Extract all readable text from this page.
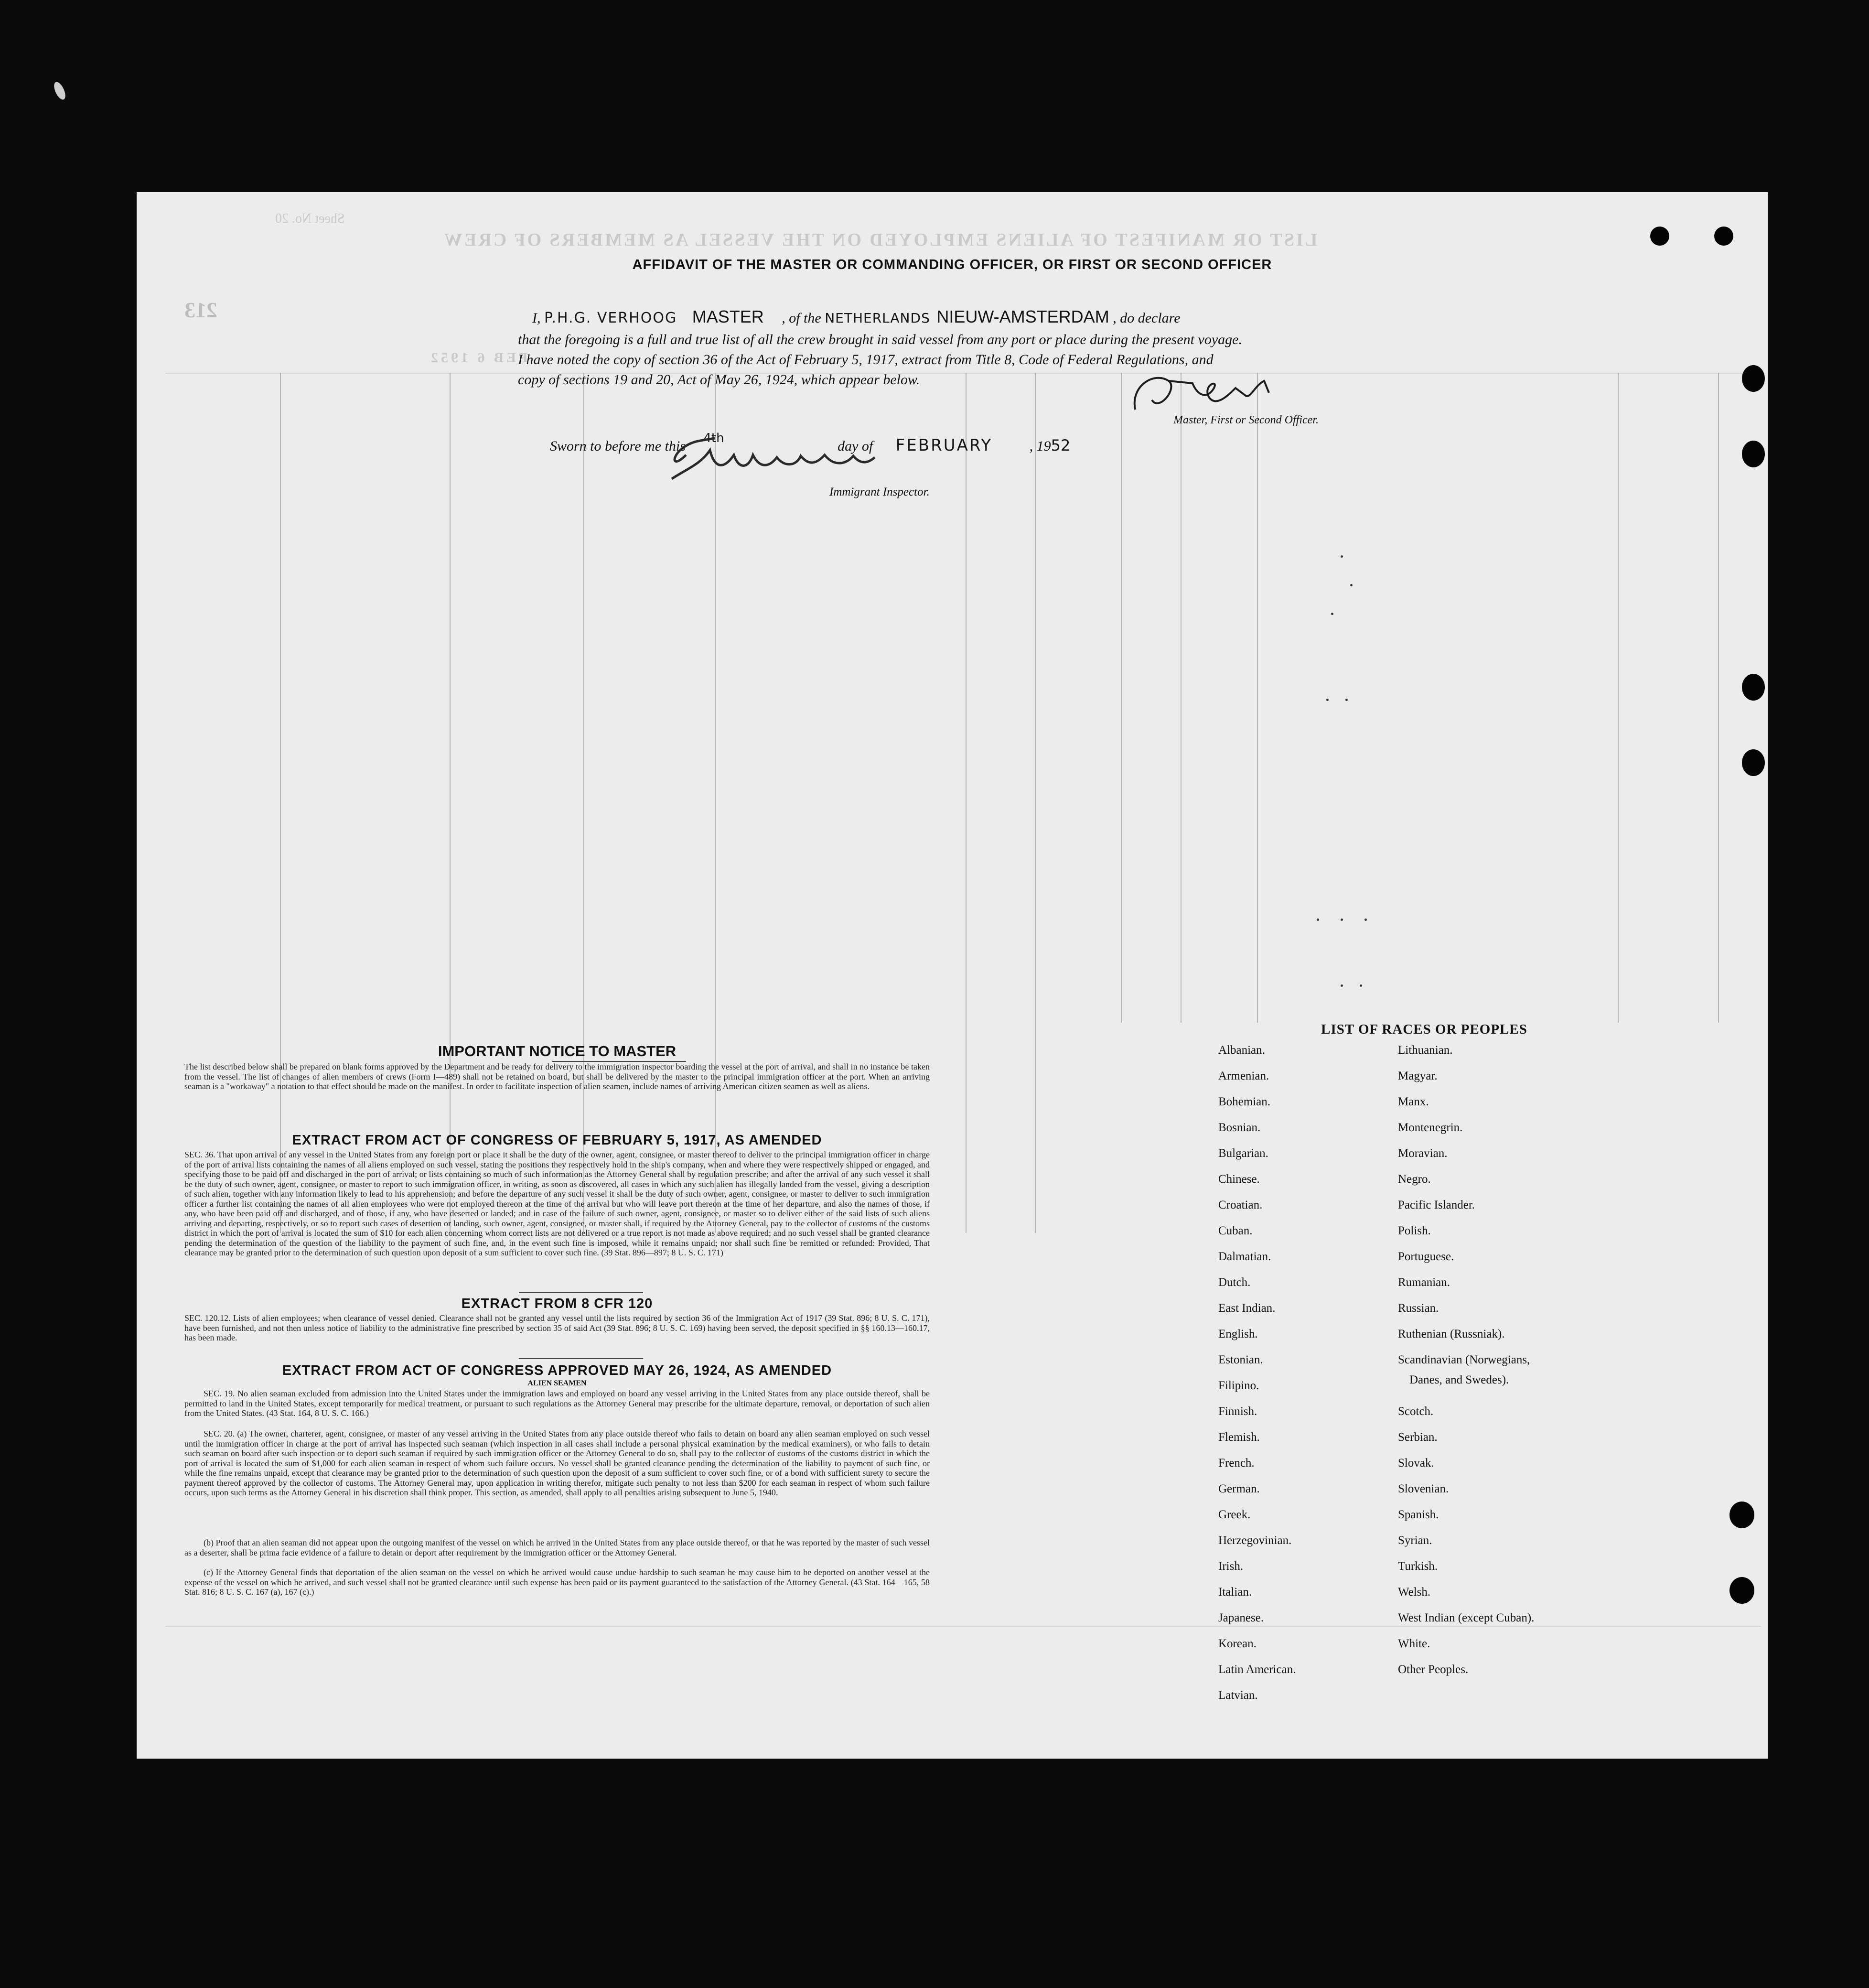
LIST OR MANIFEST OF ALIENS EMPLOYED ON THE VESSEL AS MEMBERS OF CREW
Sheet No. 20
213
FEB 6 1952
AFFIDAVIT OF THE MASTER OR COMMANDING OFFICER, OR FIRST OR SECOND OFFICER
I, P.H.G. VERHOOG MASTER , of the NETHERLANDS NIEUW-AMSTERDAM , do declare
that the foregoing is a full and true list of all the crew brought in said vessel from any port or place during the present voyage.
I have noted the copy of section 36 of the Act of February 5, 1917, extract from Title 8, Code of Federal Regulations, and
copy of sections 19 and 20, Act of May 26, 1924, which appear below.
Master, First or Second Officer.
Sworn to before me this 4th	day of FEBRUARY	, 1952
Immigrant Inspector.
IMPORTANT NOTICE TO MASTER
The list described below shall be prepared on blank forms approved by the Department and be ready for delivery to the immigration inspector boarding the vessel at the port of arrival, and shall in no instance be taken from the vessel. The list of changes of alien members of crews (Form I—489) shall not be retained on board, but shall be delivered by the master to the principal immigration officer at the port. When an arriving seaman is a "workaway" a notation to that effect should be made on the manifest. In order to facilitate inspection of alien seamen, include names of arriving American citizen seamen as well as aliens.
EXTRACT FROM ACT OF CONGRESS OF FEBRUARY 5, 1917, AS AMENDED
SEC. 36. That upon arrival of any vessel in the United States from any foreign port or place it shall be the duty of the owner, agent, consignee, or master thereof to deliver to the principal immigration officer in charge of the port of arrival lists containing the names of all aliens employed on such vessel, stating the positions they respectively hold in the ship's company, when and where they were respectively shipped or engaged, and specifying those to be paid off and discharged in the port of arrival; or lists containing so much of such information as the Attorney General shall by regulation prescribe; and after the arrival of any such vessel it shall be the duty of such owner, agent, consignee, or master to report to such immigration officer, in writing, as soon as discovered, all cases in which any such alien has illegally landed from the vessel, giving a description of such alien, together with any information likely to lead to his apprehension; and before the departure of any such vessel it shall be the duty of such owner, agent, consignee, or master to deliver to such immigration officer a further list containing the names of all alien employees who were not employed thereon at the time of the arrival but who will leave port thereon at the time of her departure, and also the names of those, if any, who have been paid off and discharged, and of those, if any, who have deserted or landed; and in case of the failure of such owner, agent, consignee, or master so to deliver either of the said lists of such aliens arriving and departing, respectively, or so to report such cases of desertion or landing, such owner, agent, consignee, or master shall, if required by the Attorney General, pay to the collector of customs of the customs district in which the port of arrival is located the sum of $10 for each alien concerning whom correct lists are not delivered or a true report is not made as above required; and no such vessel shall be granted clearance pending the determination of the question of the liability to the payment of such fine, and, in the event such fine is imposed, while it remains unpaid; nor shall such fine be remitted or refunded: Provided, That clearance may be granted prior to the determination of such question upon deposit of a sum sufficient to cover such fine. (39 Stat. 896—897; 8 U. S. C. 171)
EXTRACT FROM 8 CFR 120
SEC. 120.12. Lists of alien employees; when clearance of vessel denied. Clearance shall not be granted any vessel until the lists required by section 36 of the Immigration Act of 1917 (39 Stat. 896; 8 U. S. C. 171), have been furnished, and not then unless notice of liability to the administrative fine prescribed by section 35 of said Act (39 Stat. 896; 8 U. S. C. 169) having been served, the deposit specified in §§ 160.13—160.17, has been made.
EXTRACT FROM ACT OF CONGRESS APPROVED MAY 26, 1924, AS AMENDED
ALIEN SEAMEN
SEC. 19. No alien seaman excluded from admission into the United States under the immigration laws and employed on board any vessel arriving in the United States from any place outside thereof, shall be permitted to land in the United States, except temporarily for medical treatment, or pursuant to such regulations as the Attorney General may prescribe for the ultimate departure, removal, or deportation of such alien from the United States. (43 Stat. 164, 8 U. S. C. 166.)
SEC. 20. (a) The owner, charterer, agent, consignee, or master of any vessel arriving in the United States from any place outside thereof who fails to detain on board any alien seaman employed on such vessel until the immigration officer in charge at the port of arrival has inspected such seaman (which inspection in all cases shall include a personal physical examination by the medical examiners), or who fails to detain such seaman on board after such inspection or to deport such seaman if required by such immigration officer or the Attorney General to do so, shall pay to the collector of customs of the customs district in which the port of arrival is located the sum of $1,000 for each alien seaman in respect of whom such failure occurs. No vessel shall be granted clearance pending the determination of the liability to payment of such fine, or while the fine remains unpaid, except that clearance may be granted prior to the determination of such question upon the deposit of a sum sufficient to cover such fine, or of a bond with sufficient surety to secure the payment thereof approved by the collector of customs. The Attorney General may, upon application in writing therefor, mitigate such penalty to not less than $200 for each seaman in respect of whom such failure occurs, upon such terms as the Attorney General in his discretion shall think proper. This section, as amended, shall apply to all penalties arising subsequent to June 5, 1940.
(b) Proof that an alien seaman did not appear upon the outgoing manifest of the vessel on which he arrived in the United States from any place outside thereof, or that he was reported by the master of such vessel as a deserter, shall be prima facie evidence of a failure to detain or deport after requirement by the immigration officer or the Attorney General.
(c) If the Attorney General finds that deportation of the alien seaman on the vessel on which he arrived would cause undue hardship to such seaman he may cause him to be deported on another vessel at the expense of the vessel on which he arrived, and such vessel shall not be granted clearance until such expense has been paid or its payment guaranteed to the satisfaction of the Attorney General. (43 Stat. 164—165, 58 Stat. 816; 8 U. S. C. 167 (a), 167 (c).)
LIST OF RACES OR PEOPLES
Albanian.
Armenian.
Bohemian.
Bosnian.
Bulgarian.
Chinese.
Croatian.
Cuban.
Dalmatian.
Dutch.
East Indian.
English.
Estonian.
Filipino.
Finnish.
Flemish.
French.
German.
Greek.
Herzegovinian.
Irish.
Italian.
Japanese.
Korean.
Latin American.
Latvian.
Lithuanian.
Magyar.
Manx.
Montenegrin.
Moravian.
Negro.
Pacific Islander.
Polish.
Portuguese.
Rumanian.
Russian.
Ruthenian (Russniak).
Scandinavian (Norwegians,
Danes, and Swedes).
Scotch.
Serbian.
Slovak.
Slovenian.
Spanish.
Syrian.
Turkish.
Welsh.
West Indian (except Cuban).
White.
Other Peoples.
